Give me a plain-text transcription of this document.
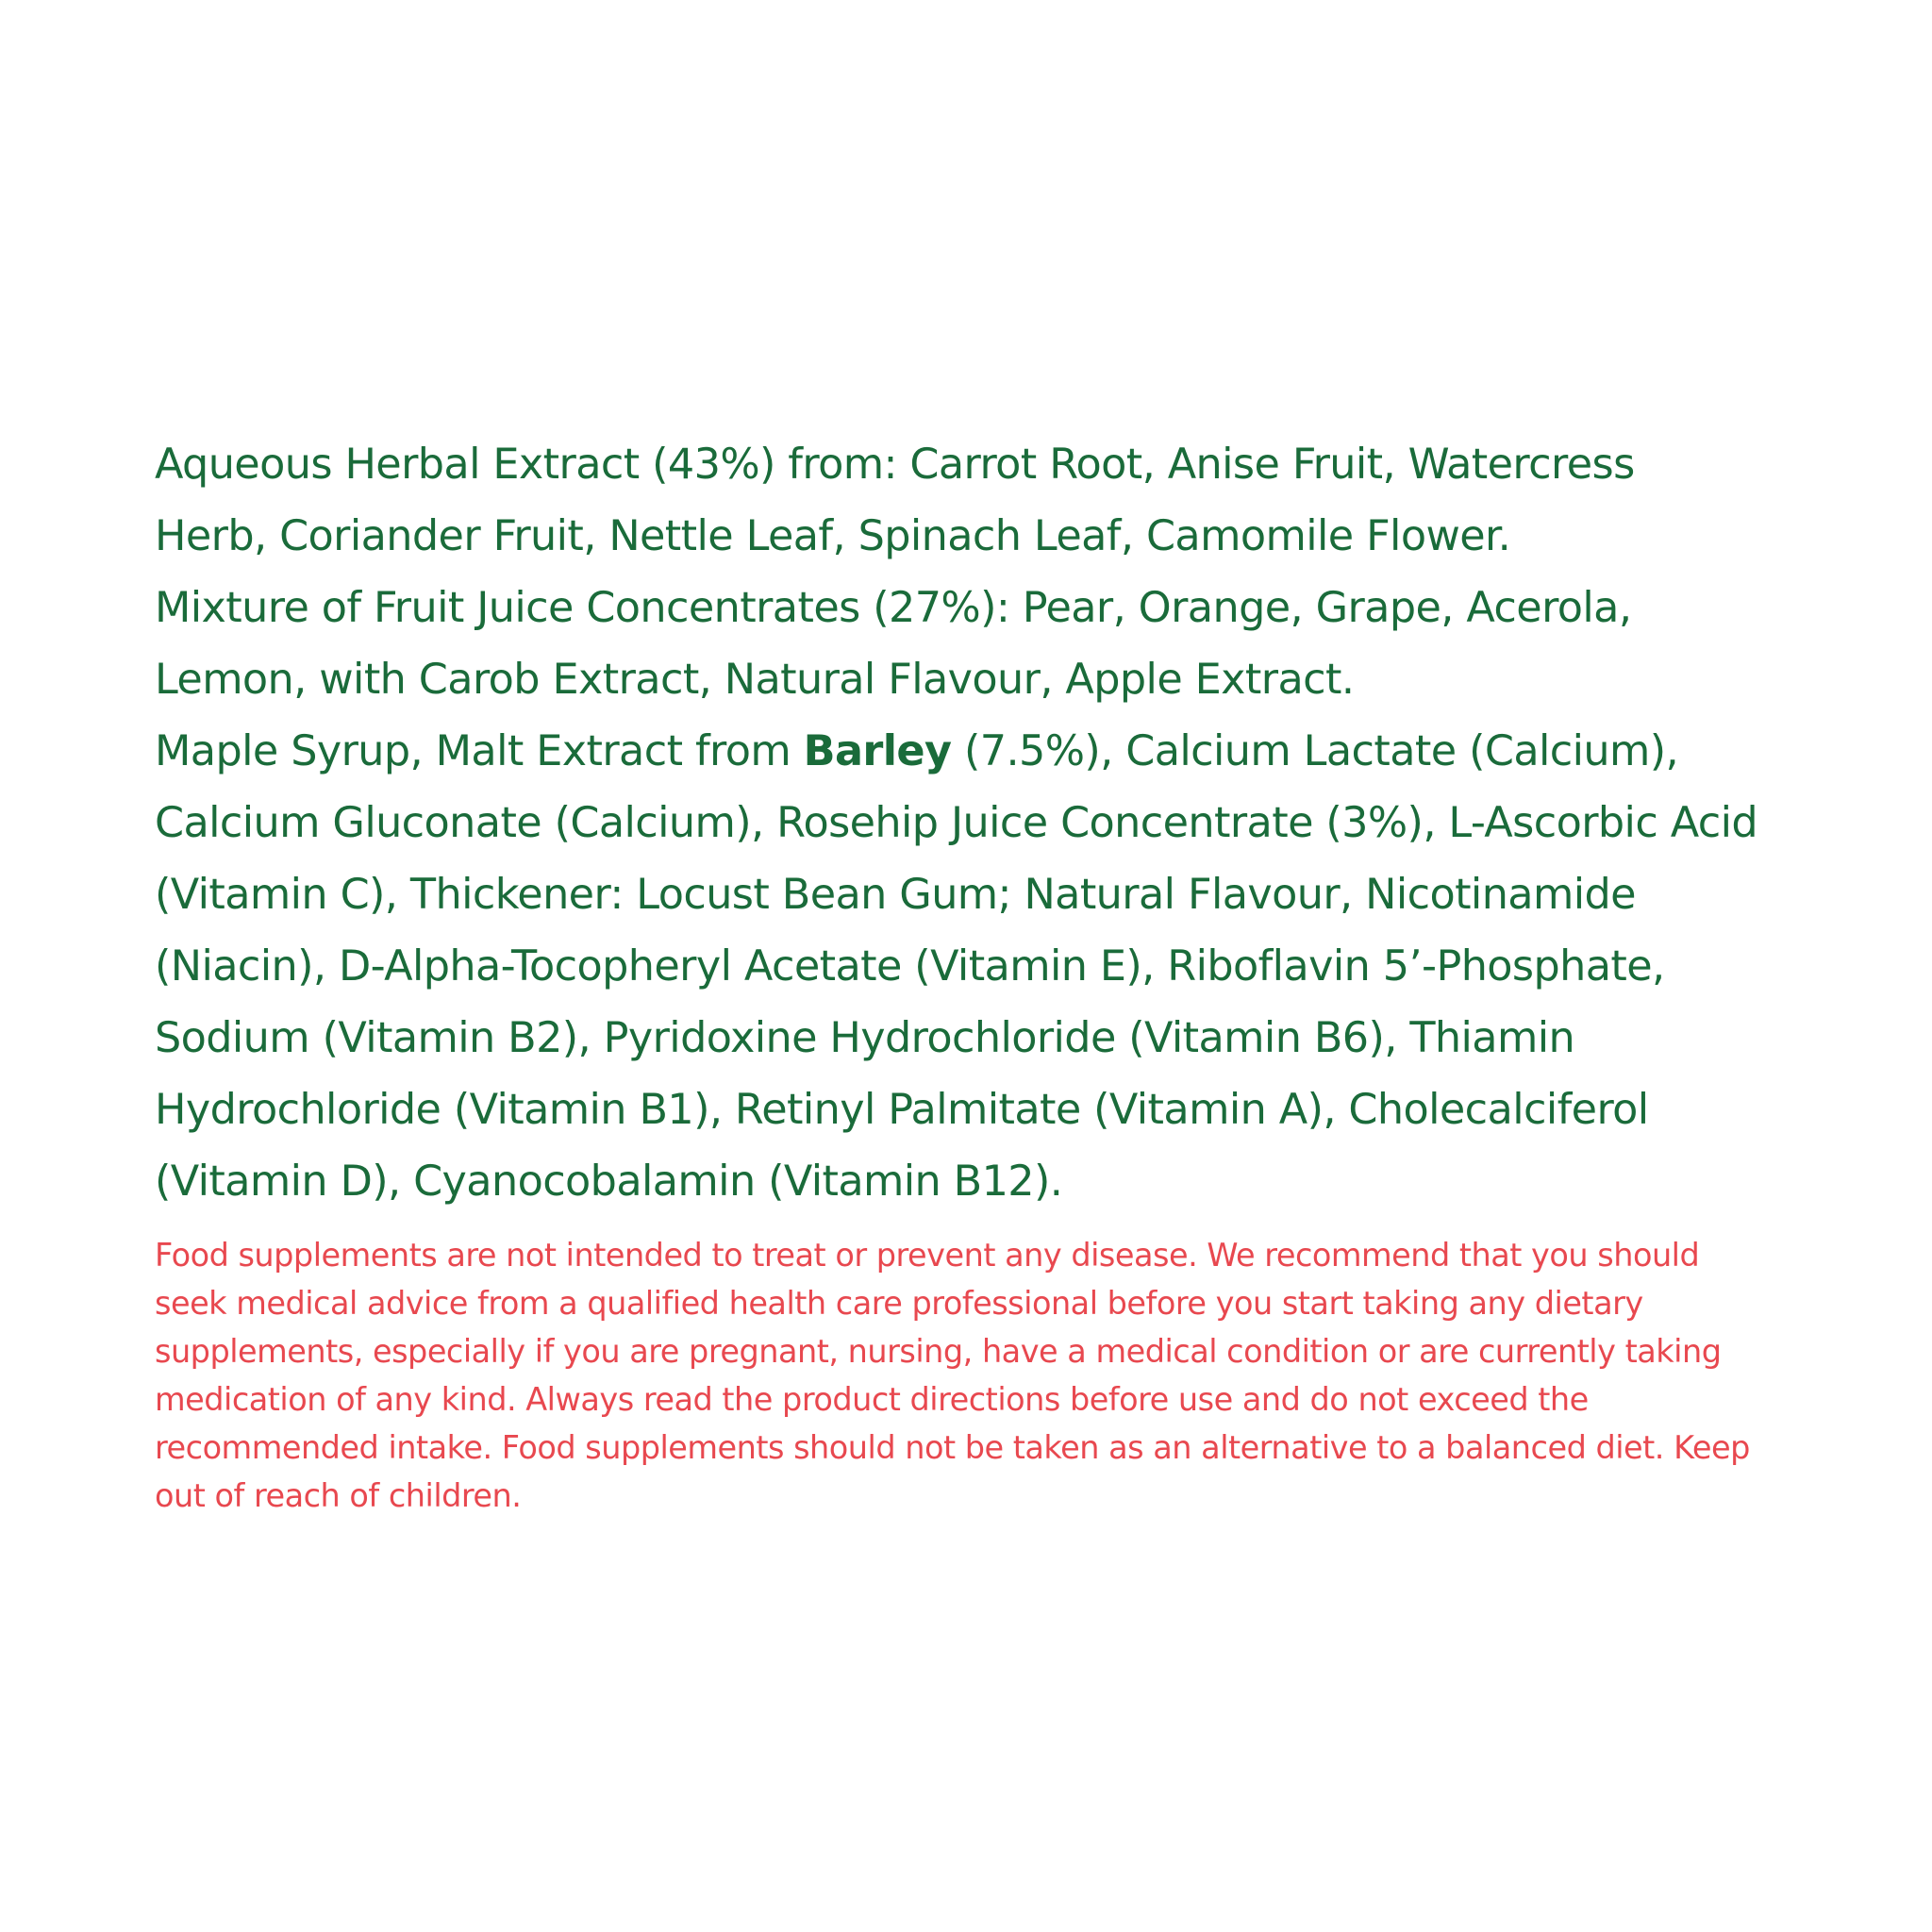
Aqueous Herbal Extract (43%) from: Carrot Root, Anise Fruit, Watercress Herb, Coriander Fruit, Nettle Leaf, Spinach Leaf, Camomile Flower.

Mixture of Fruit Juice Concentrates (27%): Pear, Orange, Grape, Acerola, Lemon, with Carob Extract, Natural Flavour, Apple Extract.

Maple Syrup, Malt Extract from Barley (7.5%), Calcium Lactate (Calcium), Calcium Gluconate (Calcium), Rosehip Juice Concentrate (3%), L-Ascorbic Acid (Vitamin C), Thickener: Locust Bean Gum; Natural Flavour, Nicotinamide (Niacin), D-Alpha-Tocopheryl Acetate (Vitamin E), Riboflavin 5’-Phosphate, Sodium (Vitamin B2), Pyridoxine Hydrochloride (Vitamin B6), Thiamin Hydrochloride (Vitamin B1), Retinyl Palmitate (Vitamin A), Cholecalciferol (Vitamin D), Cyanocobalamin (Vitamin B12).

Food supplements are not intended to treat or prevent any disease. We recommend that you should seek medical advice from a qualified health care professional before you start taking any dietary supplements, especially if you are pregnant, nursing, have a medical condition or are currently taking medication of any kind. Always read the product directions before use and do not exceed the recommended intake. Food supplements should not be taken as an alternative to a balanced diet. Keep out of reach of children.
